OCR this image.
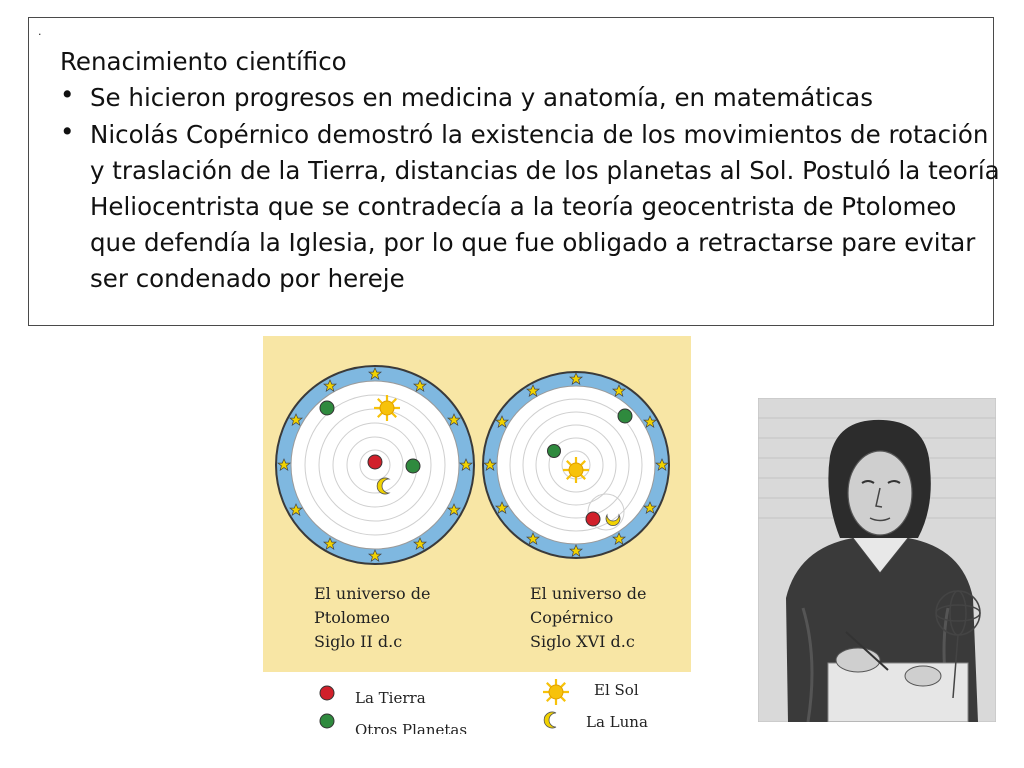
·
Renacimiento científico
• Se hicieron progresos en medicina y anatomía, en matemáticas
• Nicolás Copérnico demostró la existencia de los movimientos de rotación y traslación de la Tierra, distancias de los planetas al Sol. Postuló la teoría Heliocentrista que se contradecía a la teoría geocentrista de Ptolomeo que defendía la Iglesia, por lo que fue obligado a retractarse pare evitar ser condenado por hereje
El universo de
Ptolomeo
Siglo II d.c
El universo de
Copérnico
Siglo XVI d.c
La Tierra
Otros Planetas
El Sol
La Luna
